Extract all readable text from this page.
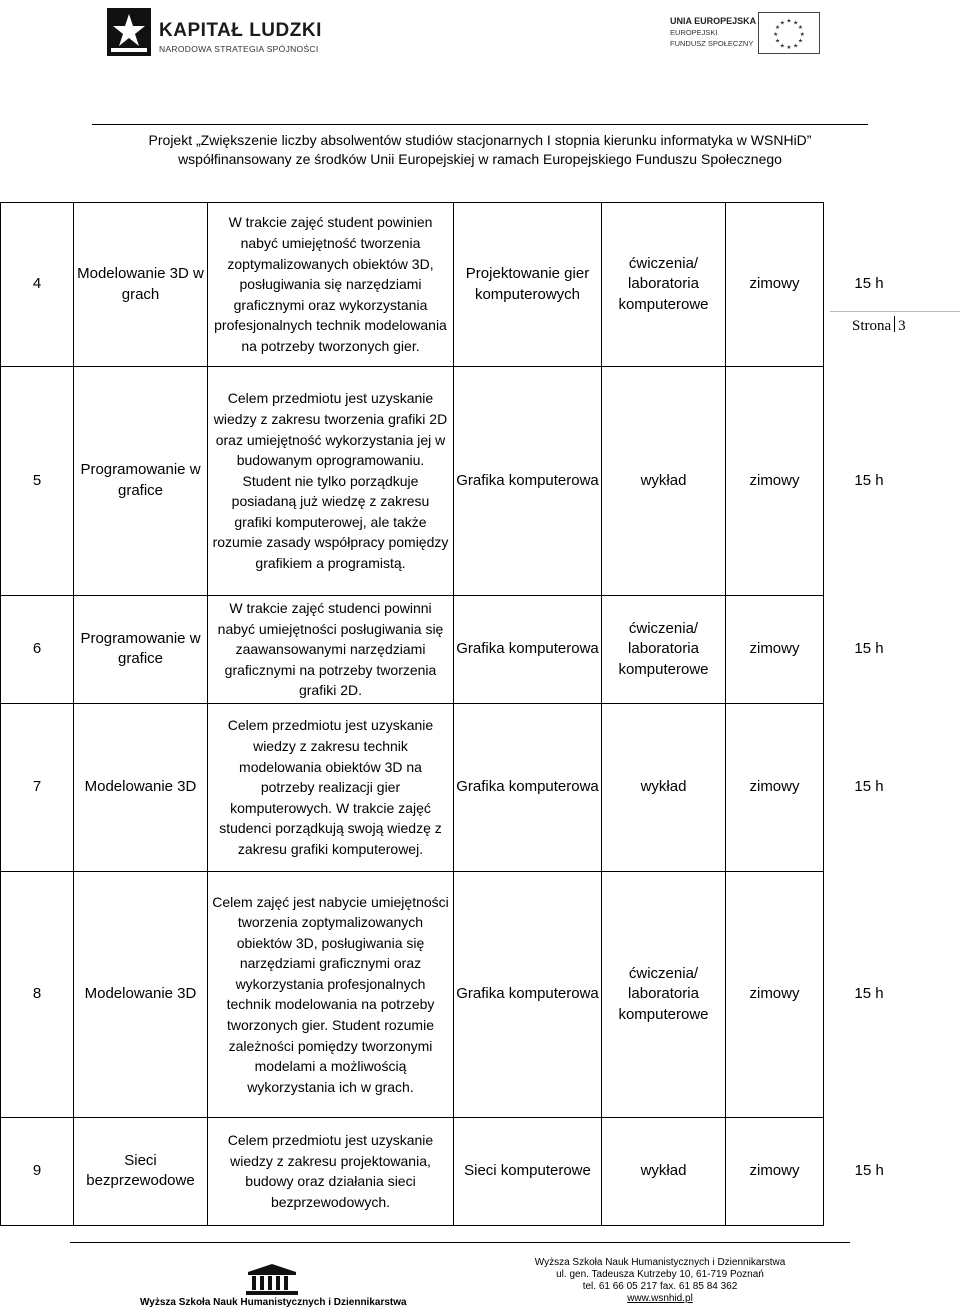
KAPITAŁ LUDZKI
NARODOWA STRATEGIA SPÓJNOŚCI
UNIA EUROPEJSKA
EUROPEJSKI
FUNDUSZ SPOŁECZNY
★ ★
★
★
★
★
★
★
★
★
★
★
Projekt „Zwiększenie liczby absolwentów studiów stacjonarnych I stopnia kierunku informatyka w WSNHiD”
współfinansowany ze środków Unii Europejskiej w ramach Europejskiego Funduszu Społecznego
4	Modelowanie 3D w grach	W trakcie zajęć student powinien nabyć umiejętność tworzenia zoptymalizowanych obiektów 3D, posługiwania się narzędziami graficznymi oraz wykorzystania profesjonalnych technik modelowania na potrzeby tworzonych gier.	Projektowanie gier komputerowych	ćwiczenia/ laboratoria komputerowe	zimowy	15 h
5	Programowanie w grafice	Celem przedmiotu jest uzyskanie wiedzy z zakresu tworzenia grafiki 2D oraz umiejętność wykorzystania jej w budowanym oprogramowaniu. Student nie tylko porządkuje posiadaną już wiedzę z zakresu grafiki komputerowej, ale także rozumie zasady współpracy pomiędzy grafikiem a programistą.	Grafika komputerowa	wykład	zimowy	15 h
6	Programowanie w grafice	W trakcie zajęć studenci powinni nabyć umiejętności posługiwania się zaawansowanymi narzędziami graficznymi na potrzeby tworzenia grafiki 2D.	Grafika komputerowa	ćwiczenia/ laboratoria komputerowe	zimowy	15 h
7	Modelowanie 3D	Celem przedmiotu jest uzyskanie wiedzy z zakresu technik modelowania obiektów 3D na potrzeby realizacji gier komputerowych. W trakcie zajęć studenci porządkują swoją wiedzę z zakresu grafiki komputerowej.	Grafika komputerowa	wykład	zimowy	15 h
8	Modelowanie 3D	Celem zajęć jest nabycie umiejętności tworzenia zoptymalizowanych obiektów 3D, posługiwania się narzędziami graficznymi oraz wykorzystania profesjonalnych technik modelowania na potrzeby tworzonych gier. Student rozumie zależności pomiędzy tworzonymi modelami a możliwością wykorzystania ich w grach.	Grafika komputerowa	ćwiczenia/ laboratoria komputerowe	zimowy	15 h
9	Sieci bezprzewodowe	Celem przedmiotu jest uzyskanie wiedzy z zakresu projektowania, budowy oraz działania sieci bezprzewodowych.	Sieci komputerowe	wykład	zimowy	15 h
Strona 3
Wyższa Szkoła Nauk Humanistycznych i Dziennikarstwa
Wyższa Szkoła Nauk Humanistycznych i Dziennikarstwa
ul. gen. Tadeusza Kutrzeby 10, 61-719 Poznań
tel. 61 66 05 217 fax. 61 85 84 362
www.wsnhid.pl
